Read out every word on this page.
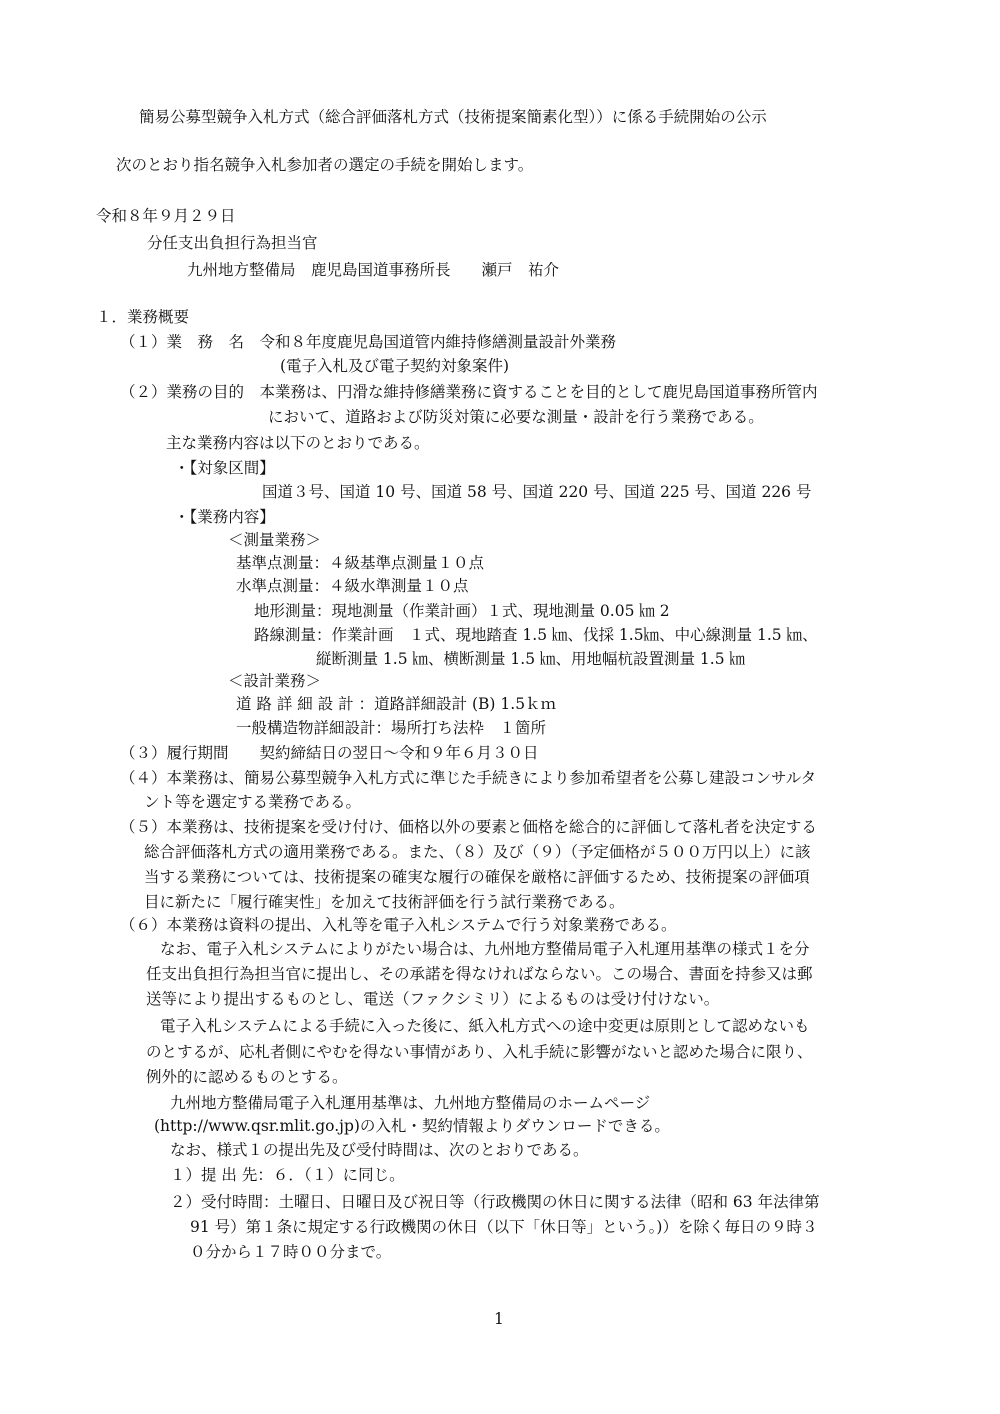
簡易公募型競争入札方式（総合評価落札方式（技術提案簡素化型））に係る手続開始の公示
次のとおり指名競争入札参加者の選定の手続を開始します。
令和８年９月２９日
分任支出負担行為担当官
九州地方整備局　鹿児島国道事務所長　　瀬戸　祐介
１．業務概要
（１）業　務　名　令和８年度鹿児島国道管内維持修繕測量設計外業務
(電子入札及び電子契約対象案件)
（２）業務の目的　本業務は、円滑な維持修繕業務に資することを目的として鹿児島国道事務所管内
において、道路および防災対策に必要な測量・設計を行う業務である。
主な業務内容は以下のとおりである。
・【対象区間】
国道３号、国道 10 号、国道 58 号、国道 220 号、国道 225 号、国道 226 号
・【業務内容】
＜測量業務＞
基準点測量：４級基準点測量１０点
水準点測量：４級水準測量１０点
地形測量：現地測量（作業計画）１式、現地測量 0.05 ㎞ 2
路線測量：作業計画　１式、現地踏査 1.5 ㎞、伐採 1.5㎞、中心線測量 1.5 ㎞、
縦断測量 1.5 ㎞、横断測量 1.5 ㎞、用地幅杭設置測量 1.5 ㎞
＜設計業務＞
道 路 詳 細 設 計 ：道路詳細設計 (B) 1.5ｋｍ
一般構造物詳細設計：場所打ち法枠　１箇所
（３）履行期間　　契約締結日の翌日～令和９年６月３０日
（４）本業務は、簡易公募型競争入札方式に準じた手続きにより参加希望者を公募し建設コンサルタ
ント等を選定する業務である。
（５）本業務は、技術提案を受け付け、価格以外の要素と価格を総合的に評価して落札者を決定する
総合評価落札方式の適用業務である。また、（８）及び（９）（予定価格が５００万円以上）に該
当する業務については、技術提案の確実な履行の確保を厳格に評価するため、技術提案の評価項
目に新たに「履行確実性」を加えて技術評価を行う試行業務である。
（６）本業務は資料の提出、入札等を電子入札システムで行う対象業務である。
なお、電子入札システムによりがたい場合は、九州地方整備局電子入札運用基準の様式１を分
任支出負担行為担当官に提出し、その承諾を得なければならない。この場合、書面を持参又は郵
送等により提出するものとし、電送（ファクシミリ）によるものは受け付けない。
電子入札システムによる手続に入った後に、紙入札方式への途中変更は原則として認めないも
のとするが、応札者側にやむを得ない事情があり、入札手続に影響がないと認めた場合に限り、
例外的に認めるものとする。
九州地方整備局電子入札運用基準は、九州地方整備局のホームページ
(http://www.qsr.mlit.go.jp)の入札・契約情報よりダウンロードできる。
なお、様式１の提出先及び受付時間は、次のとおりである。
１）提 出 先：６．（１）に同じ。
２）受付時間：土曜日、日曜日及び祝日等（行政機関の休日に関する法律（昭和 63 年法律第
91 号）第１条に規定する行政機関の休日（以下「休日等」という。)）を除く毎日の９時３
０分から１７時００分まで。
1
